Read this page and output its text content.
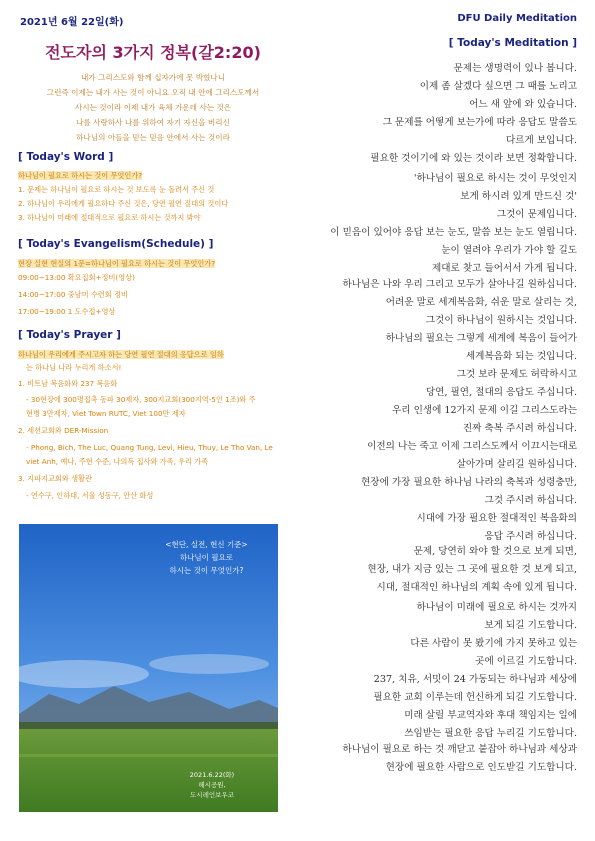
2021년 6월 22일(화)	DFU Daily Meditation
전도자의 3가지 정복(갈2:20)
내가 그리스도와 함께 십자가에 못 박혔나니
그런즉 이제는 내가 사는 것이 아니요 오직 내 안에 그리스도께서
사시는 것이라 이제 내가 육체 가운데 사는 것은
나를 사랑하사 나를 위하여 자기 자신을 버리신
하나님의 아들을 믿는 믿음 안에서 사는 것이라
[ Today's Word ]
하나님이 필요로 하시는 것이 무엇인가?
1. 문제는 하나님이 필요로 하시는 것 보도록 눈 돌려서 주신 것
2. 하나님이 우리에게 필요하다 주신 것은, 당연 필연 절대의 것이다
3. 하나님이 미래에 절대적으로 필요로 하시는 것까지 봐야
[ Today's Evangelism(Schedule) ]
현장 실현 현실의 1문=하나님이 필요로 하시는 것이 무엇인가?
09:00~13:00 확요집회+정비(영상)
14:00~17:00 중남미 수련회 정비
17:00~19:00 1 도수접+영상
[ Today's Prayer ]
하나님이 우리에게 주시고자 하는 당연 필연 절대의 응답으로 임하
는 하나님 나라 누리게 하소서!
1. 비트남 복음화와 237 복음화
- 30현장에 300명접촉 동파 30제자, 300지교회(300지역-5인 1조)와 주
현병 3만제자, Viet Town RUTC, Viet 100만 제자
2. 세션교회와 DER-Mission
- Phong, Bich, The Luc, Quang Tung, Levi, Hieu, Thuy, Le Tho Van, Le
viet Anh, 예나, 주현 수준, 나의득 집사와 가족, 우리 가족
3. 지파지교회와 생활관
- 연수구, 인하대, 서울 성동구, 안산 화성
<현단, 실전, 현신 기준>
하나님이 필요로
하시는 것이 무엇인가?
2021.6.22(화)
해시공원,
도시레인보우코
[ Today's Meditation ]
문제는 생명력이 있나 봅니다.
이제 좀 살겠다 싶으면 그 때를 노리고
어느 새 앞에 와 있습니다.
그 문제를 어떻게 보는가에 따라 응답도 말씀도
다르게 보입니다.
필요한 것이기에 와 있는 것이라 보면 정확합니다.
'하나님이 필요로 하시는 것이 무엇인지
보게 하시려 있게 만드신 것'
그것이 문제입니다.
이 믿음이 있어야 응답 보는 눈도, 말씀 보는 눈도 열립니다.
눈이 열려야 우리가 가야 할 길도
제대로 찾고 들어서서 가게 됩니다.
하나님은 나와 우리 그리고 모두가 살아나길 원하십니다.
어려운 말로 세계복음화, 쉬운 말로 살리는 것,
그것이 하나님이 원하시는 것입니다.
하나님의 필요는 그렇게 세계에 복음이 들어가
세계복음화 되는 것입니다.
그것 보라 문제도 허락하시고
당연, 필연, 절대의 응답도 주십니다.
우리 인생에 12가지 문제 이길 그리스도라는
진짜 축복 주시려 하십니다.
이전의 나는 죽고 이제 그리스도께서 이끄시는대로
살아가며 살리길 원하십니다.
현장에 가장 필요한 하나님 나라의 축복과 성령충만,
그것 주시려 하십니다.
시대에 가장 필요한 절대적인 복음화의
응답 주시려 하십니다.
문제, 당연히 와야 할 것으로 보게 되면,
현장, 내가 지금 있는 그 곳에 필요한 것 보게 되고,
시대, 절대적인 하나님의 계획 속에 있게 됩니다.
하나님이 미래에 필요로 하시는 것까지
보게 되길 기도합니다.
다른 사람이 못 봤기에 가지 못하고 있는
곳에 이르길 기도합니다.
237, 치유, 서밋이 24 가동되는 하나님과 세상에
필요한 교회 이루는데 헌신하게 되길 기도합니다.
미래 살릴 부교역자와 후대 책임지는 일에
쓰임받는 필요한 응답 누리길 기도합니다.
하나님이 필요로 하는 것 깨닫고 붙잡아 하나님과 세상과
현장에 필요한 사람으로 인도받길 기도합니다.
